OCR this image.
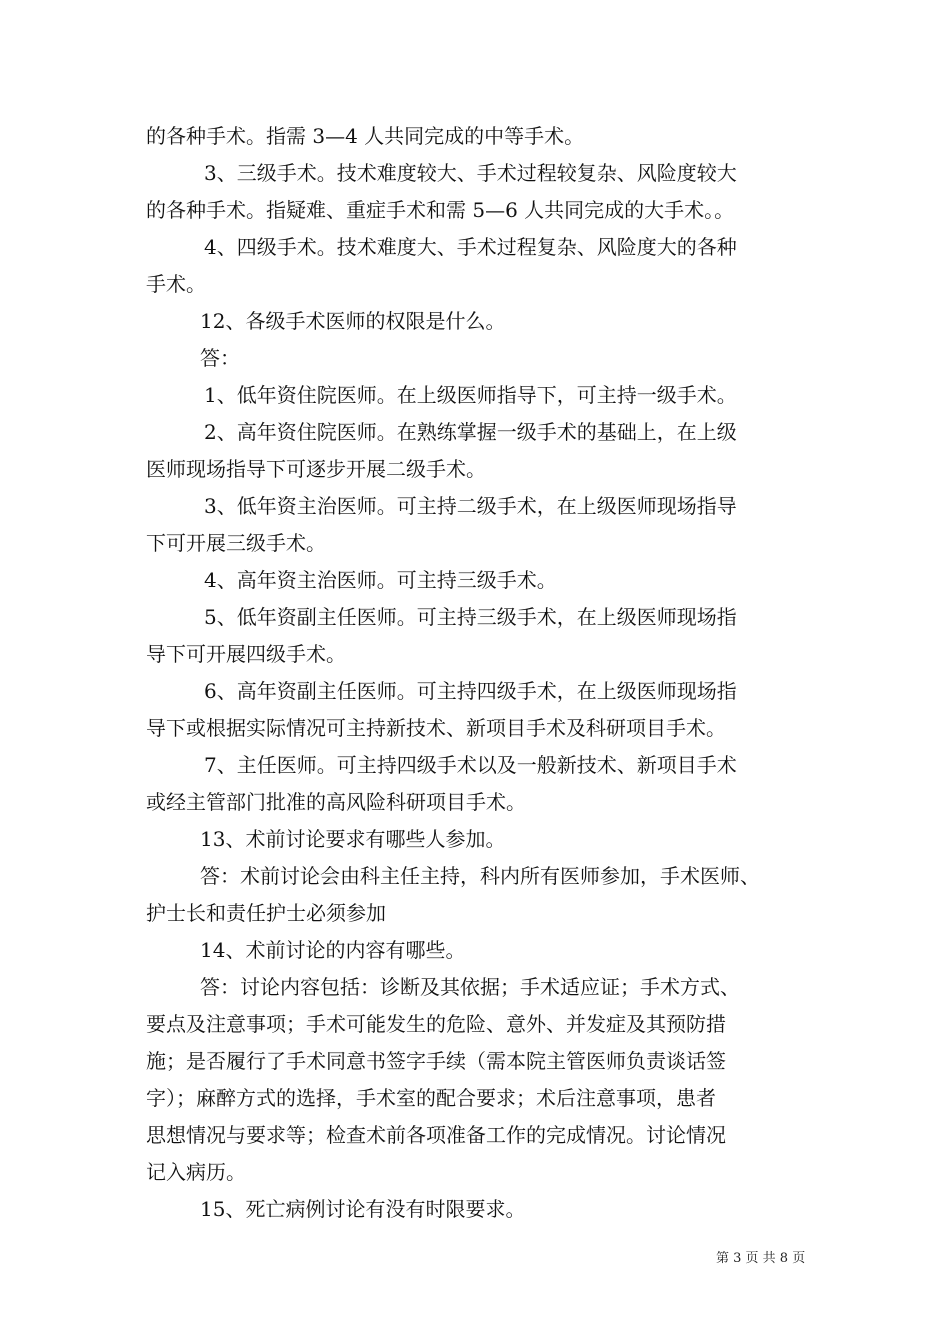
的各种手术。指需 3—4 人共同完成的中等手术。

3、三级手术。技术难度较大、手术过程较复杂、风险度较大

的各种手术。指疑难、重症手术和需 5—6 人共同完成的大手术。。

4、四级手术。技术难度大、手术过程复杂、风险度大的各种

手术。

12、各级手术医师的权限是什么。

答：

1、低年资住院医师。在上级医师指导下，可主持一级手术。

2、高年资住院医师。在熟练掌握一级手术的基础上，在上级

医师现场指导下可逐步开展二级手术。

3、低年资主治医师。可主持二级手术，在上级医师现场指导

下可开展三级手术。

4、高年资主治医师。可主持三级手术。

5、低年资副主任医师。可主持三级手术，在上级医师现场指

导下可开展四级手术。

6、高年资副主任医师。可主持四级手术，在上级医师现场指

导下或根据实际情况可主持新技术、新项目手术及科研项目手术。

7、主任医师。可主持四级手术以及一般新技术、新项目手术

或经主管部门批准的高风险科研项目手术。

13、术前讨论要求有哪些人参加。

答：术前讨论会由科主任主持，科内所有医师参加，手术医师、

护士长和责任护士必须参加

14、术前讨论的内容有哪些。

答：讨论内容包括：诊断及其依据；手术适应证；手术方式、

要点及注意事项；手术可能发生的危险、意外、并发症及其预防措

施；是否履行了手术同意书签字手续（需本院主管医师负责谈话签

字）；麻醉方式的选择，手术室的配合要求；术后注意事项，患者

思想情况与要求等；检查术前各项准备工作的完成情况。讨论情况

记入病历。

15、死亡病例讨论有没有时限要求。

第 3 页 共 8 页
